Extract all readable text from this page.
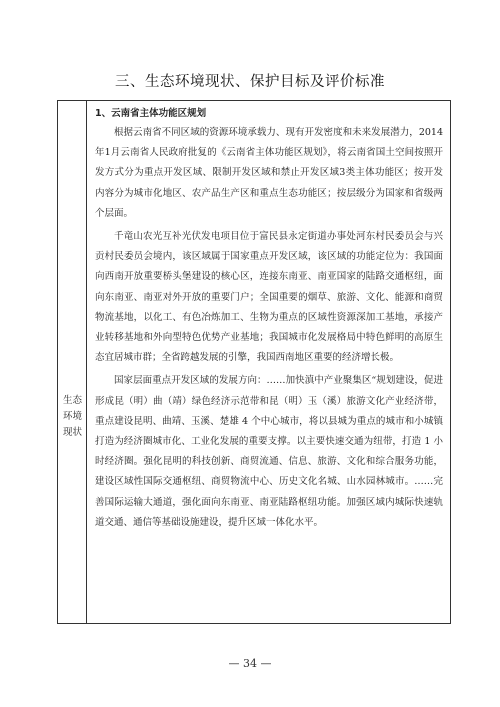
三、生态环境现状、保护目标及评价标准
生态
环境
现状
1、云南省主体功能区规划

根据云南省不同区域的资源环境承载力、现有开发密度和未来发展潜力，2014年1月云南省人民政府批复的《云南省主体功能区规划》，将云南省国土空间按照开发方式分为重点开发区域、限制开发区域和禁止开发区域3类主体功能区；按开发内容分为城市化地区、农产品生产区和重点生态功能区；按层级分为国家和省级两个层面。

千竜山农光互补光伏发电项目位于富民县永定街道办事处河东村民委员会与兴贡村民委员会境内，该区域属于国家重点开发区域，该区域的功能定位为：我国面向西南开放重要桥头堡建设的核心区，连接东南亚、南亚国家的陆路交通枢纽，面向东南亚、南亚对外开放的重要门户；全国重要的烟草、旅游、文化、能源和商贸物流基地，以化工、有色冶炼加工、生物为重点的区域性资源深加工基地，承接产业转移基地和外向型特色优势产业基地；我国城市化发展格局中特色鲜明的高原生态宜居城市群；全省跨越发展的引擎，我国西南地区重要的经济增长极。

国家层面重点开发区域的发展方向：……加快滇中产业聚集区“规划建设，促进形成昆（明）曲（靖）绿色经济示范带和昆（明）玉（溪）旅游文化产业经济带，重点建设昆明、曲靖、玉溪、楚雄 4 个中心城市，将以县城为重点的城市和小城镇打造为经济圈城市化、工业化发展的重要支撑。以主要快速交通为纽带，打造 1 小时经济圈。强化昆明的科技创新、商贸流通、信息、旅游、文化和综合服务功能，建设区域性国际交通枢纽、商贸物流中心、历史文化名城、山水园林城市。……完善国际运输大通道，强化面向东南亚、南亚陆路枢纽功能。加强区域内城际快速轨道交通、通信等基础设施建设，提升区域一体化水平。

— 34 —
